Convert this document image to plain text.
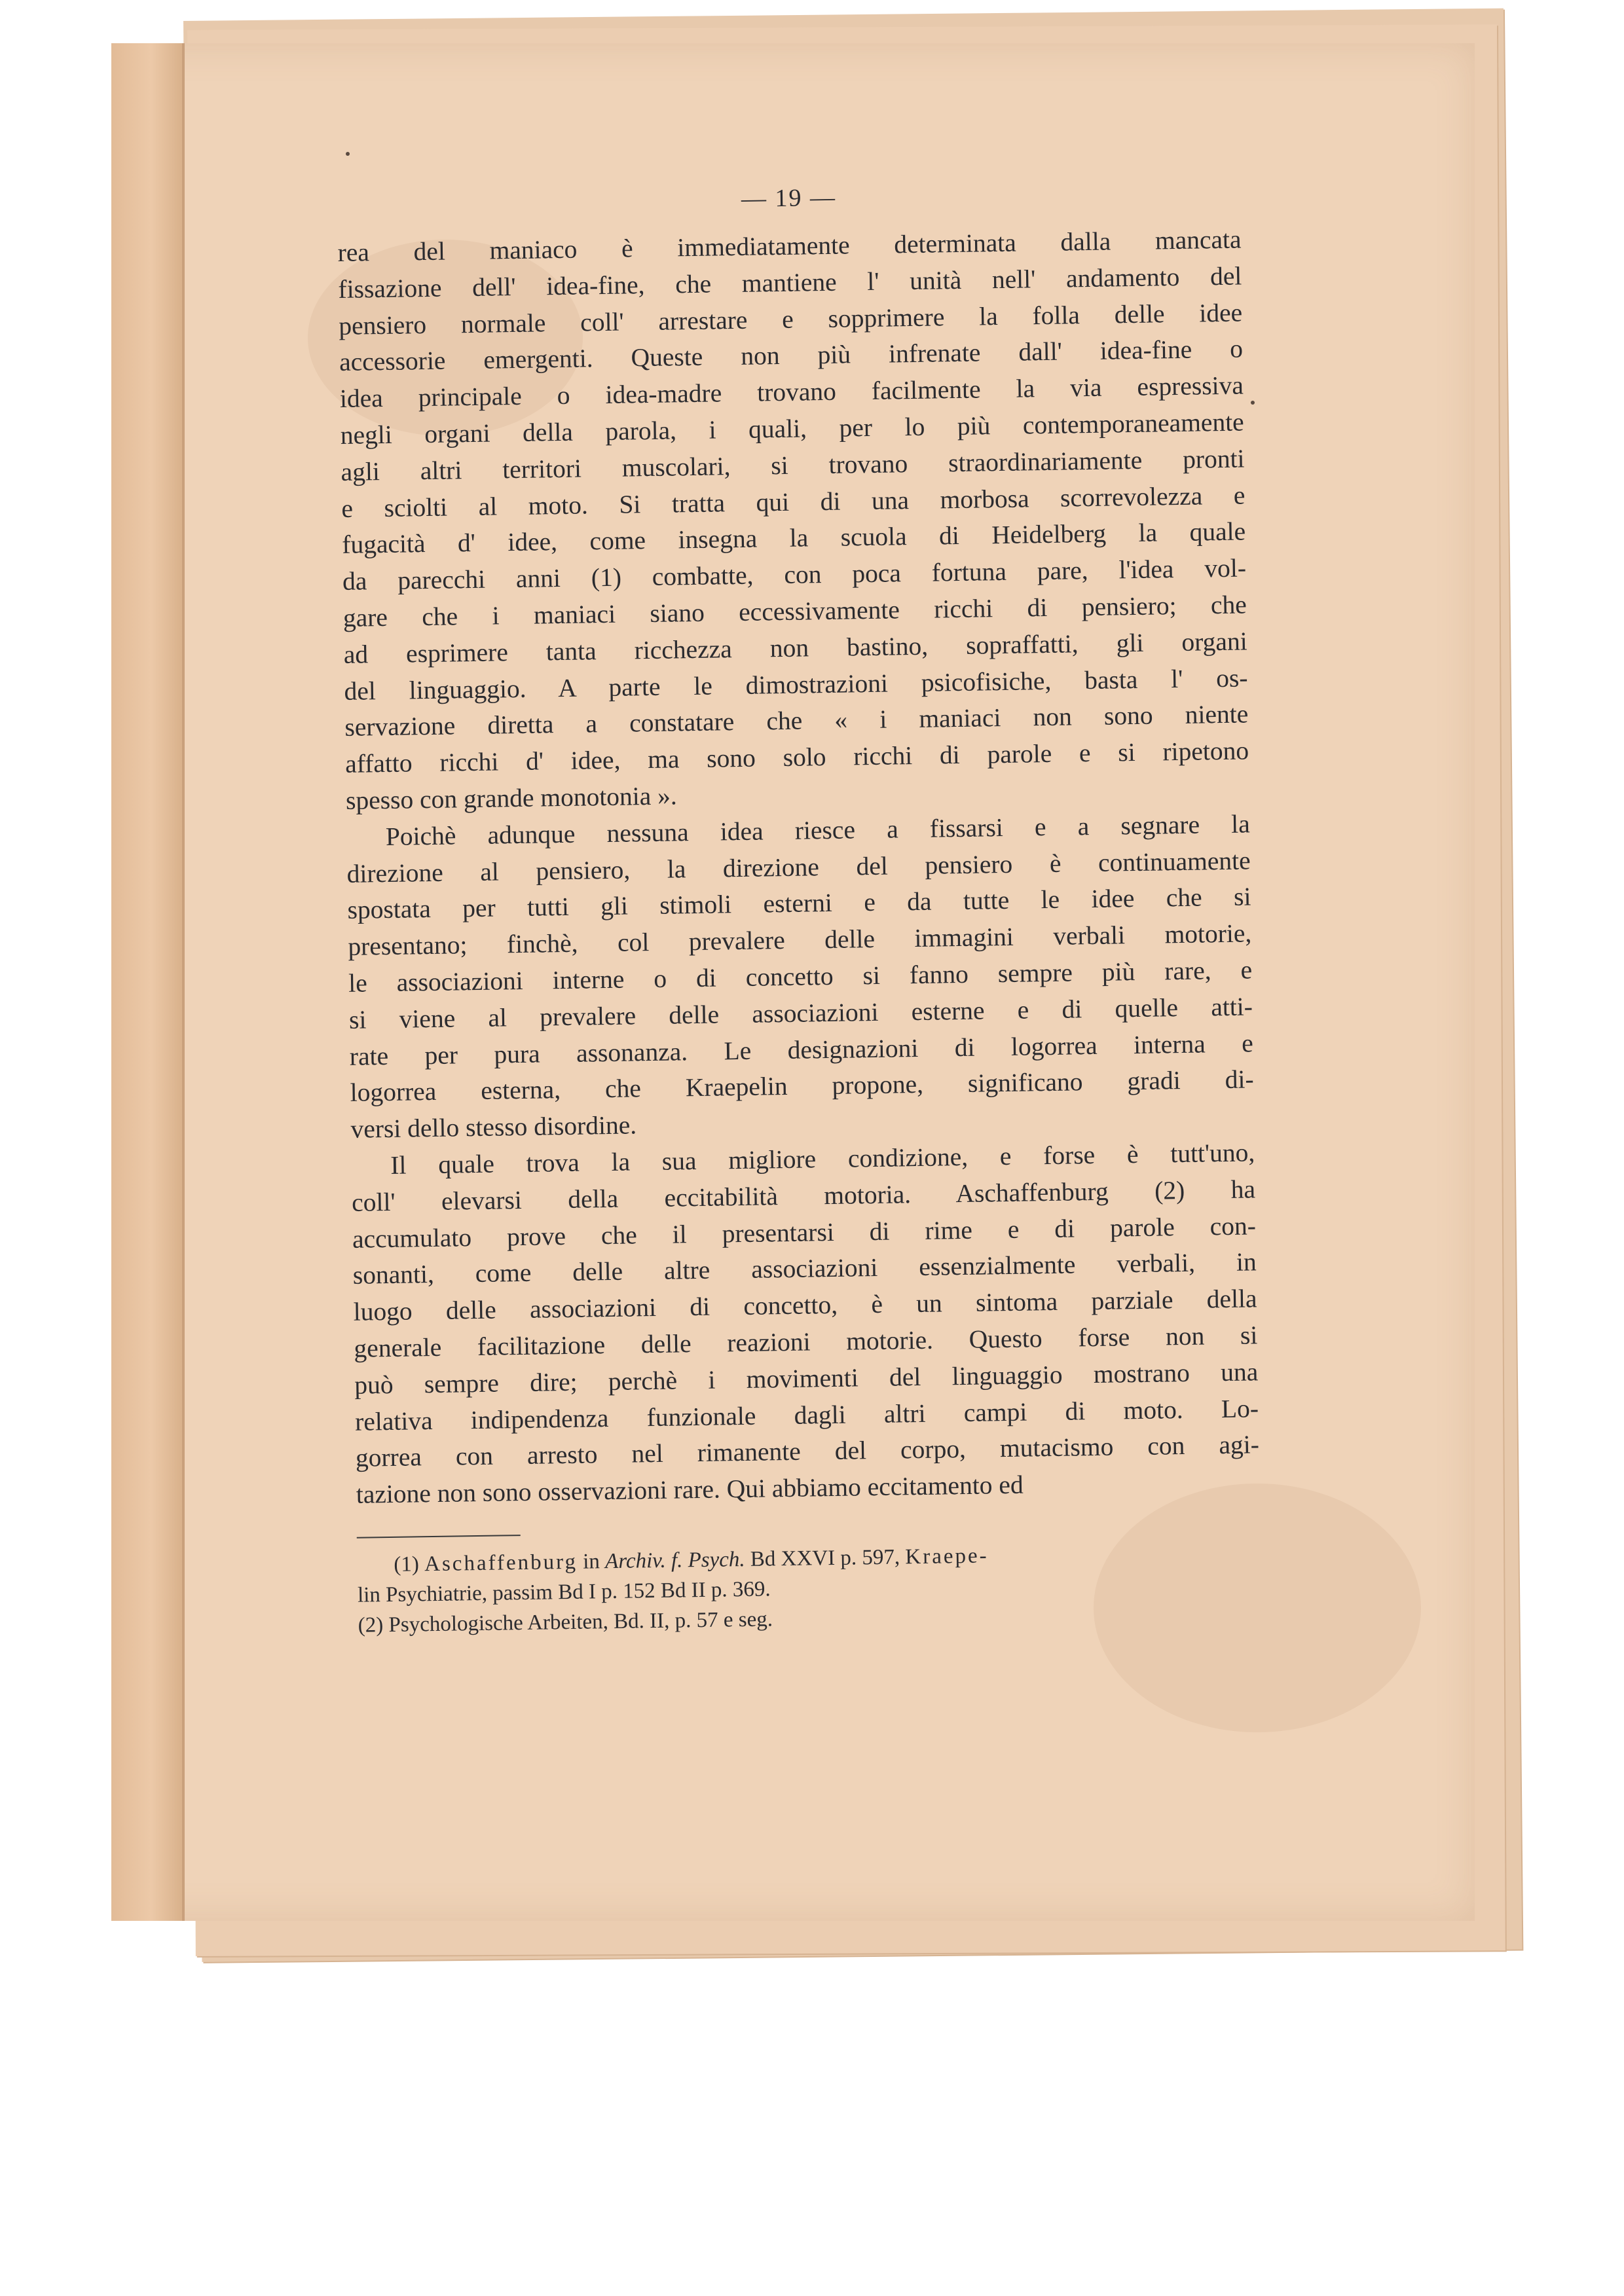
— 19 —
rea del maniaco è immediatamente determinata dalla mancata
fissazione dell' idea-fine, che mantiene l' unità nell' andamento del
pensiero normale coll' arrestare e sopprimere la folla delle idee
accessorie emergenti. Queste non più infrenate dall' idea-fine o
idea principale o idea-madre trovano facilmente la via espressiva
negli organi della parola, i quali, per lo più contemporaneamente
agli altri territori muscolari, si trovano straordinariamente pronti
e sciolti al moto. Si tratta qui di una morbosa scorrevolezza e
fugacità d' idee, come insegna la scuola di Heidelberg la quale
da parecchi anni (1) combatte, con poca fortuna pare, l'idea vol-
gare che i maniaci siano eccessivamente ricchi di pensiero; che
ad esprimere tanta ricchezza non bastino, sopraffatti, gli organi
del linguaggio. A parte le dimostrazioni psicofisiche, basta l' os-
servazione diretta a constatare che « i maniaci non sono niente
affatto ricchi d' idee, ma sono solo ricchi di parole e si ripetono
spesso con grande monotonia ».
Poichè adunque nessuna idea riesce a fissarsi e a segnare la
direzione al pensiero, la direzione del pensiero è continuamente
spostata per tutti gli stimoli esterni e da tutte le idee che si
presentano; finchè, col prevalere delle immagini verbali motorie,
le associazioni interne o di concetto si fanno sempre più rare, e
si viene al prevalere delle associazioni esterne e di quelle atti-
rate per pura assonanza. Le designazioni di logorrea interna e
logorrea esterna, che Kraepelin propone, significano gradi di-
versi dello stesso disordine.
Il quale trova la sua migliore condizione, e forse è tutt'uno,
coll' elevarsi della eccitabilità motoria. Aschaffenburg (2) ha
accumulato prove che il presentarsi di rime e di parole con-
sonanti, come delle altre associazioni essenzialmente verbali, in
luogo delle associazioni di concetto, è un sintoma parziale della
generale facilitazione delle reazioni motorie. Questo forse non si
può sempre dire; perchè i movimenti del linguaggio mostrano una
relativa indipendenza funzionale dagli altri campi di moto. Lo-
gorrea con arresto nel rimanente del corpo, mutacismo con agi-
tazione non sono osservazioni rare. Qui abbiamo eccitamento ed
(1) Aschaffenburg in Archiv. f. Psych. Bd XXVI p. 597, Kraepe-
lin Psychiatrie, passim Bd I p. 152 Bd II p. 369.
(2) Psychologische Arbeiten, Bd. II, p. 57 e seg.
